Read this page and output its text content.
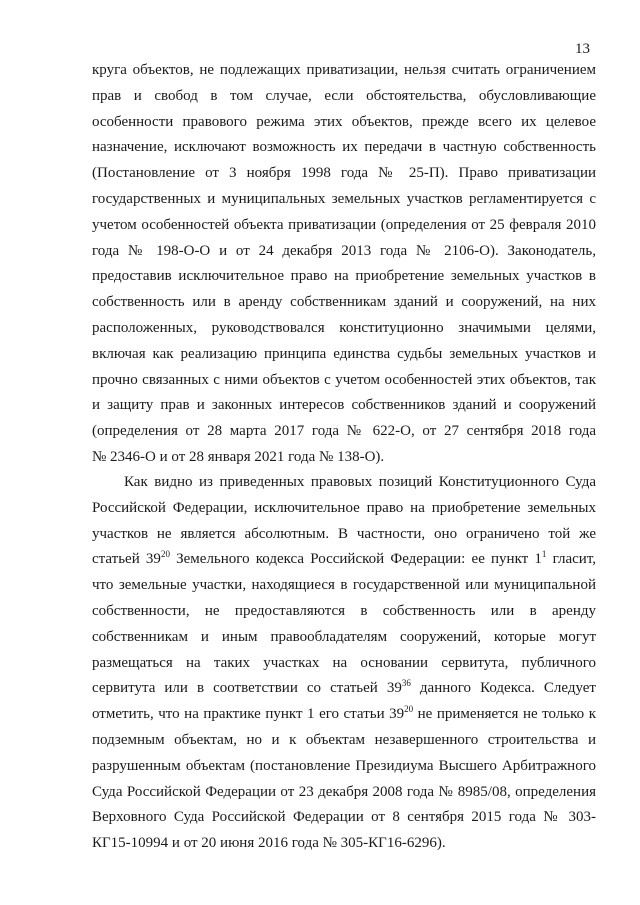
13
круга объектов, не подлежащих приватизации, нельзя считать ограничением
прав и свобод в том случае, если обстоятельства, обусловливающие
особенности правового режима этих объектов, прежде всего их целевое
назначение, исключают возможность их передачи в частную собственность
(Постановление от 3 ноября 1998 года № 25-П). Право приватизации
государственных и муниципальных земельных участков регламентируется с
учетом особенностей объекта приватизации (определения от 25 февраля 2010
года № 198-О-О и от 24 декабря 2013 года № 2106-О). Законодатель,
предоставив исключительное право на приобретение земельных участков в
собственность или в аренду собственникам зданий и сооружений, на них
расположенных, руководствовался конституционно значимыми целями,
включая как реализацию принципа единства судьбы земельных участков и
прочно связанных с ними объектов с учетом особенностей этих объектов, так
и защиту прав и законных интересов собственников зданий и сооружений
(определения от 28 марта 2017 года № 622-О, от 27 сентября 2018 года
№ 2346-О и от 28 января 2021 года № 138-О).
Как видно из приведенных правовых позиций Конституционного Суда
Российской Федерации, исключительное право на приобретение земельных
участков не является абсолютным. В частности, оно ограничено той же
статьей $39^{20}$ Земельного кодекса Российской Федерации: ее пункт $1^1$ гласит,
что земельные участки, находящиеся в государственной или муниципальной
собственности, не предоставляются в собственность или в аренду
собственникам и иным правообладателям сооружений, которые могут
размещаться на таких участках на основании сервитута, публичного
сервитута или в соответствии со статьей $39^{36}$ данного Кодекса. Следует
отметить, что на практике пункт 1 его статьи $39^{20}$ не применяется не только к
подземным объектам, но и к объектам незавершенного строительства и
разрушенным объектам (постановление Президиума Высшего Арбитражного
Суда Российской Федерации от 23 декабря 2008 года № 8985/08, определения
Верховного Суда Российской Федерации от 8 сентября 2015 года № 303-
КГ15-10994 и от 20 июня 2016 года № 305-КГ16-6296).
